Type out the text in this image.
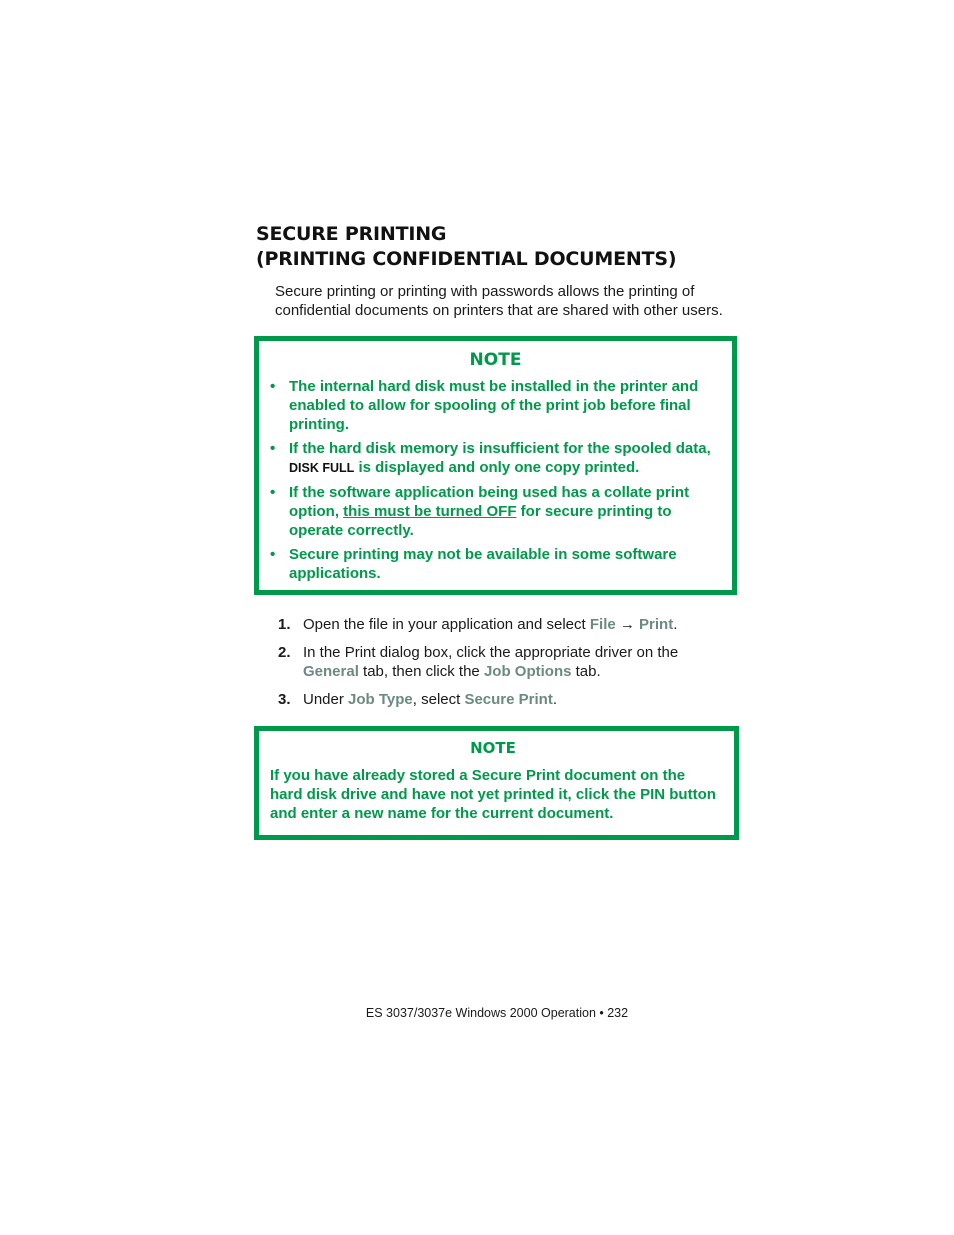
SECURE PRINTING
(PRINTING CONFIDENTIAL DOCUMENTS)

Secure printing or printing with passwords allows the printing of confidential documents on printers that are shared with other users.

NOTE

• The internal hard disk must be installed in the printer and enabled to allow for spooling of the print job before final printing.
• If the hard disk memory is insufficient for the spooled data, DISK FULL is displayed and only one copy printed.
• If the software application being used has a collate print option, this must be turned OFF for secure printing to operate correctly.
• Secure printing may not be available in some software applications.
1. Open the file in your application and select File → Print.
2. In the Print dialog box, click the appropriate driver on the General tab, then click the Job Options tab.
3. Under Job Type, select Secure Print.

NOTE

If you have already stored a Secure Print document on the hard disk drive and have not yet printed it, click the PIN button and enter a new name for the current document.

ES 3037/3037e Windows 2000 Operation • 232
